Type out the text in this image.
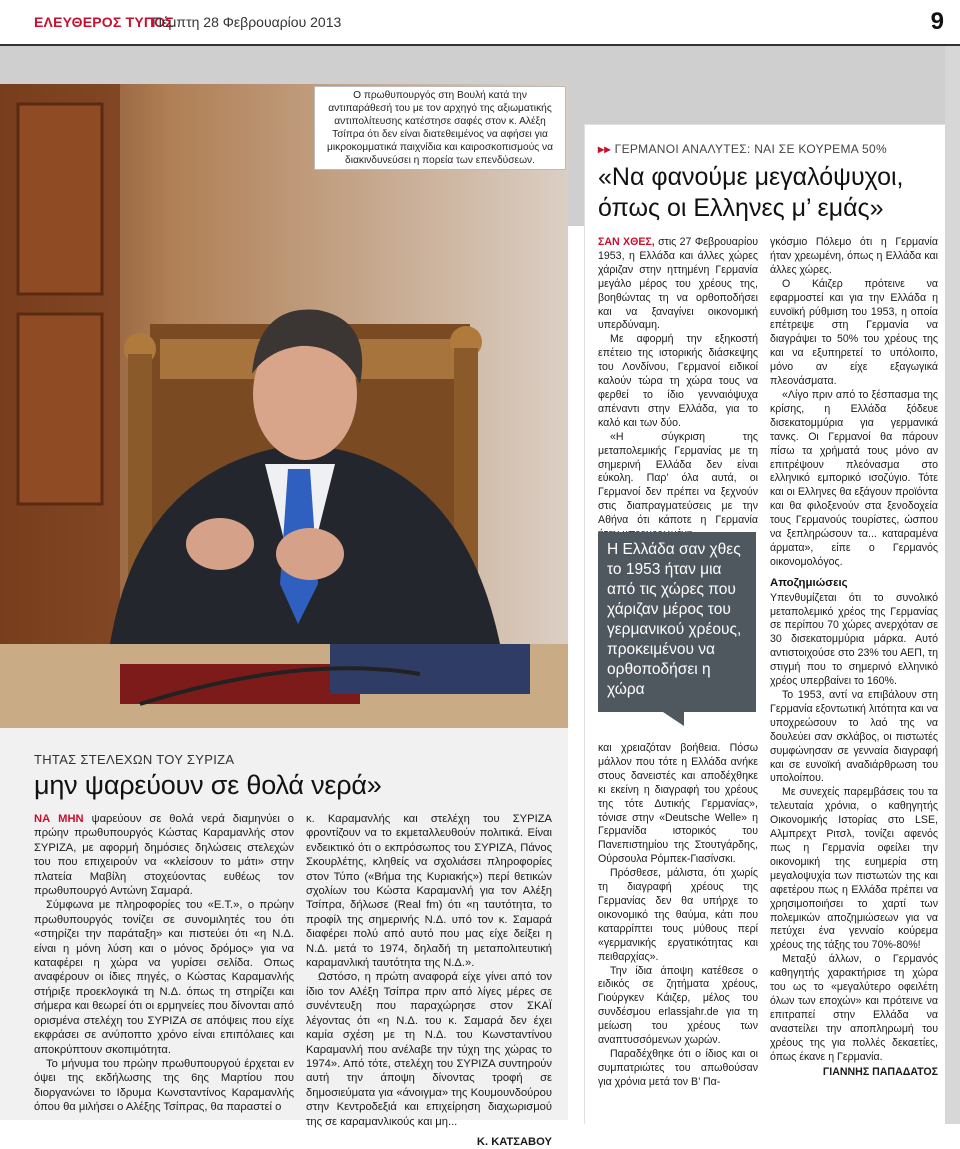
ΕΛΕΥΘΕΡΟΣ ΤΥΠΟΣ
Πέμπτη 28 Φεβρουαρίου 2013	9
Ο πρωθυπουργός στη Βουλή κατά την αντιπαράθεσή του με τον αρχηγό της αξιωματικής αντιπολίτευσης κατέστησε σαφές στον κ. Αλέξη Τσίπρα ότι δεν είναι διατεθειμένος να αφήσει για μικροκομματικά παιχνίδια και καιροσκοπισμούς να διακινδυνεύσει η πορεία των επενδύσεων.
ΤΗΤΑΣ ΣΤΕΛΕΧΩΝ ΤΟΥ ΣΥΡΙΖΑ
μην ψαρεύουν σε θολά νερά»

ΝΑ ΜΗΝ ψαρεύουν σε θολά νερά διαμηνύει ο πρώην πρωθυπουργός Κώστας Καραμανλής στον ΣΥΡΙΖΑ, με αφορμή δημόσιες δηλώσεις στελεχών του που επιχειρούν να «κλείσουν το μάτι» στην πλατεία Μαβίλη στοχεύοντας ευθέως τον πρωθυπουργό Αντώνη Σαμαρά.

Σύμφωνα με πληροφορίες του «Ε.Τ.», ο πρώην πρωθυπουργός τονίζει σε συνομιλητές του ότι «στηρίζει την παράταξη» και πιστεύει ότι «η Ν.Δ. είναι η μόνη λύση και ο μόνος δρόμος» για να καταφέρει η χώρα να γυρίσει σελίδα. Οπως αναφέρουν οι ίδιες πηγές, ο Κώστας Καραμανλής στήριξε προεκλογικά τη Ν.Δ. όπως τη στηρίζει και σήμερα και θεωρεί ότι οι ερμηνείες που δίνονται από ορισμένα στελέχη του ΣΥΡΙΖΑ σε απόψεις που είχε εκφράσει σε ανύποπτο χρόνο είναι επιπόλαιες και αποκρύπτουν σκοπιμότητα.

Το μήνυμα του πρώην πρωθυπουργού έρχεται εν όψει της εκδήλωσης της 6ης Μαρτίου που διοργανώνει το Ιδρυμα Κωνσταντίνος Καραμανλής όπου θα μιλήσει ο Αλέξης Τσίπρας, θα παραστεί ο

κ. Καραμανλής και στελέχη του ΣΥΡΙΖΑ φροντίζουν να το εκμεταλλευθούν πολιτικά. Είναι ενδεικτικό ότι ο εκπρόσωπος του ΣΥΡΙΖΑ, Πάνος Σκουρλέτης, κληθείς να σχολιάσει πληροφορίες στον Τύπο («Βήμα της Κυριακής») περί θετικών σχολίων του Κώστα Καραμανλή για τον Αλέξη Τσίπρα, δήλωσε (Real fm) ότι «η ταυτότητα, το προφίλ της σημερινής Ν.Δ. υπό τον κ. Σαμαρά διαφέρει πολύ από αυτό που μας είχε δείξει η Ν.Δ. μετά το 1974, δηλαδή τη μεταπολιτευτική καραμανλική ταυτότητα της Ν.Δ.».

Ωστόσο, η πρώτη αναφορά είχε γίνει από τον ίδιο τον Αλέξη Τσίπρα πριν από λίγες μέρες σε συνέντευξη που παραχώρησε στον ΣΚΑΪ λέγοντας ότι «η Ν.Δ. του κ. Σαμαρά δεν έχει καμία σχέση με τη Ν.Δ. του Κωνσταντίνου Καραμανλή που ανέλαβε την τύχη της χώρας το 1974». Από τότε, στελέχη του ΣΥΡΙΖΑ συντηρούν αυτή την άποψη δίνοντας τροφή σε δημοσιεύματα για «άνοιγμα» της Κουμουνδούρου στην Κεντροδεξιά και επιχείρηση διαχωρισμού της σε καραμανλικούς και μη...

Κ. ΚΑΤΣΑΒΟΥ
▸▸ ΓΕΡΜΑΝΟΙ ΑΝΑΛΥΤΕΣ: ΝΑΙ ΣΕ ΚΟΥΡΕΜΑ 50%
«Να φανούμε μεγαλόψυχοι, όπως οι Ελληνες μ’ εμάς»

ΣΑΝ ΧΘΕΣ, στις 27 Φεβρουαρίου 1953, η Ελλάδα και άλλες χώρες χάριζαν στην ηττημένη Γερμανία μεγάλο μέρος του χρέους της, βοηθώντας τη να ορθοποδήσει και να ξαναγίνει οικονομική υπερδύναμη.

Με αφορμή την εξηκοστή επέτειο της ιστορικής διάσκεψης του Λονδίνου, Γερμανοί ειδικοί καλούν τώρα τη χώρα τους να φερθεί το ίδιο γενναιόψυχα απέναντι στην Ελλάδα, για το καλό και των δύο.

«Η σύγκριση της μεταπολεμικής Γερμανίας με τη σημερινή Ελλάδα δεν είναι εύκολη. Παρ’ όλα αυτά, οι Γερμανοί δεν πρέπει να ξεχνούν στις διαπραγματεύσεις με την Αθήνα ότι κάποτε η Γερμανία

Η Ελλάδα σαν χθες το 1953 ήταν μια από τις χώρες που χάριζαν μέρος του γερμανικού χρέους, προκειμένου να ορθοποδήσει η χώρα

και χρειαζόταν βοήθεια. Πόσω μάλλον που τότε η Ελλάδα ανήκε στους δανειστές και αποδέχθηκε κι εκείνη η διαγραφή του χρέους της τότε Δυτικής Γερμανίας», τόνισε στην «Deutsche Welle» η Γερμανίδα ιστορικός του Πανεπιστημίου της Στουτγάρδης, Ούρσουλα Ρόμπεκ-Γιασίνσκι.

Πρόσθεσε, μάλιστα, ότι χωρίς τη διαγραφή χρέους της Γερμανίας δεν θα υπήρχε το οικονομικό της θαύμα, κάτι που καταρρίπτει τους μύθους περί «γερμανικής εργατικότητας και πειθαρχίας».

Την ίδια άποψη κατέθεσε ο ειδικός σε ζητήματα χρέους, Γιούργκεν Κάιζερ, μέλος του συνδέσμου erlassjahr.de για τη μείωση του χρέους των αναπτυσσόμενων χωρών.

Παραδέχθηκε ότι ο ίδιος και οι συμπατριώτες του απωθούσαν για χρόνια μετά τον Β’ Πα-

γκόσμιο Πόλεμο ότι η Γερμανία ήταν χρεωμένη, όπως η Ελλάδα και άλλες χώρες.

Ο Κάιζερ πρότεινε να εφαρμοστεί και για την Ελλάδα η ευνοϊκή ρύθμιση του 1953, η οποία επέτρεψε στη Γερμανία να διαγράψει το 50% του χρέους της και να εξυπηρετεί το υπόλοιπο, μόνο αν είχε εξαγωγικά πλεονάσματα.

«Λίγο πριν από το ξέσπασμα της κρίσης, η Ελλάδα ξόδευε δισεκατομμύρια για γερμανικά τανκς. Οι Γερμανοί θα πάρουν πίσω τα χρήματά τους μόνο αν επιτρέψουν πλεόνασμα στο ελληνικό εμπορικό ισοζύγιο. Τότε και οι Ελληνες θα εξάγουν προϊόντα και θα φιλοξενούν στα ξενοδοχεία τους Γερμανούς τουρίστες, ώσπου να ξεπληρώσουν τα... καταραμένα άρματα», είπε ο Γερμανός οικονομολόγος.

Αποζημιώσεις

Υπενθυμίζεται ότι το συνολικό μεταπολεμικό χρέος της Γερμανίας σε περίπου 70 χώρες ανερχόταν σε 30 δισεκατομμύρια μάρκα. Αυτό αντιστοιχούσε στο 23% του ΑΕΠ, τη στιγμή που το σημερινό ελληνικό χρέος υπερβαίνει το 160%.

Το 1953, αντί να επιβάλουν στη Γερμανία εξοντωτική λιτότητα και να υποχρεώσουν το λαό της να δουλεύει σαν σκλάβος, οι πιστωτές συμφώνησαν σε γενναία διαγραφή και σε ευνοϊκή αναδιάρθρωση του υπολοίπου.

Με συνεχείς παρεμβάσεις του τα τελευταία χρόνια, ο καθηγητής Οικονομικής Ιστορίας στο LSE, Αλμπρεχτ Ριτσλ, τονίζει αφενός πως η Γερμανία οφείλει την οικονομική της ευημερία στη μεγαλοψυχία των πιστωτών της και αφετέρου πως η Ελλάδα πρέπει να χρησιμοποιήσει το χαρτί των πολεμικών αποζημιώσεων για να πετύχει ένα γενναίο κούρεμα χρέους της τάξης του 70%-80%!

Μεταξύ άλλων, ο Γερμανός καθηγητής χαρακτήρισε τη χώρα του ως το «μεγαλύτερο οφειλέτη όλων των εποχών» και πρότεινε να επιτραπεί στην Ελλάδα να αναστείλει την αποπληρωμή του χρέους της για πολλές δεκαετίες, όπως έκανε η Γερμανία.

ΓΙΑΝΝΗΣ ΠΑΠΑΔΑΤΟΣ
